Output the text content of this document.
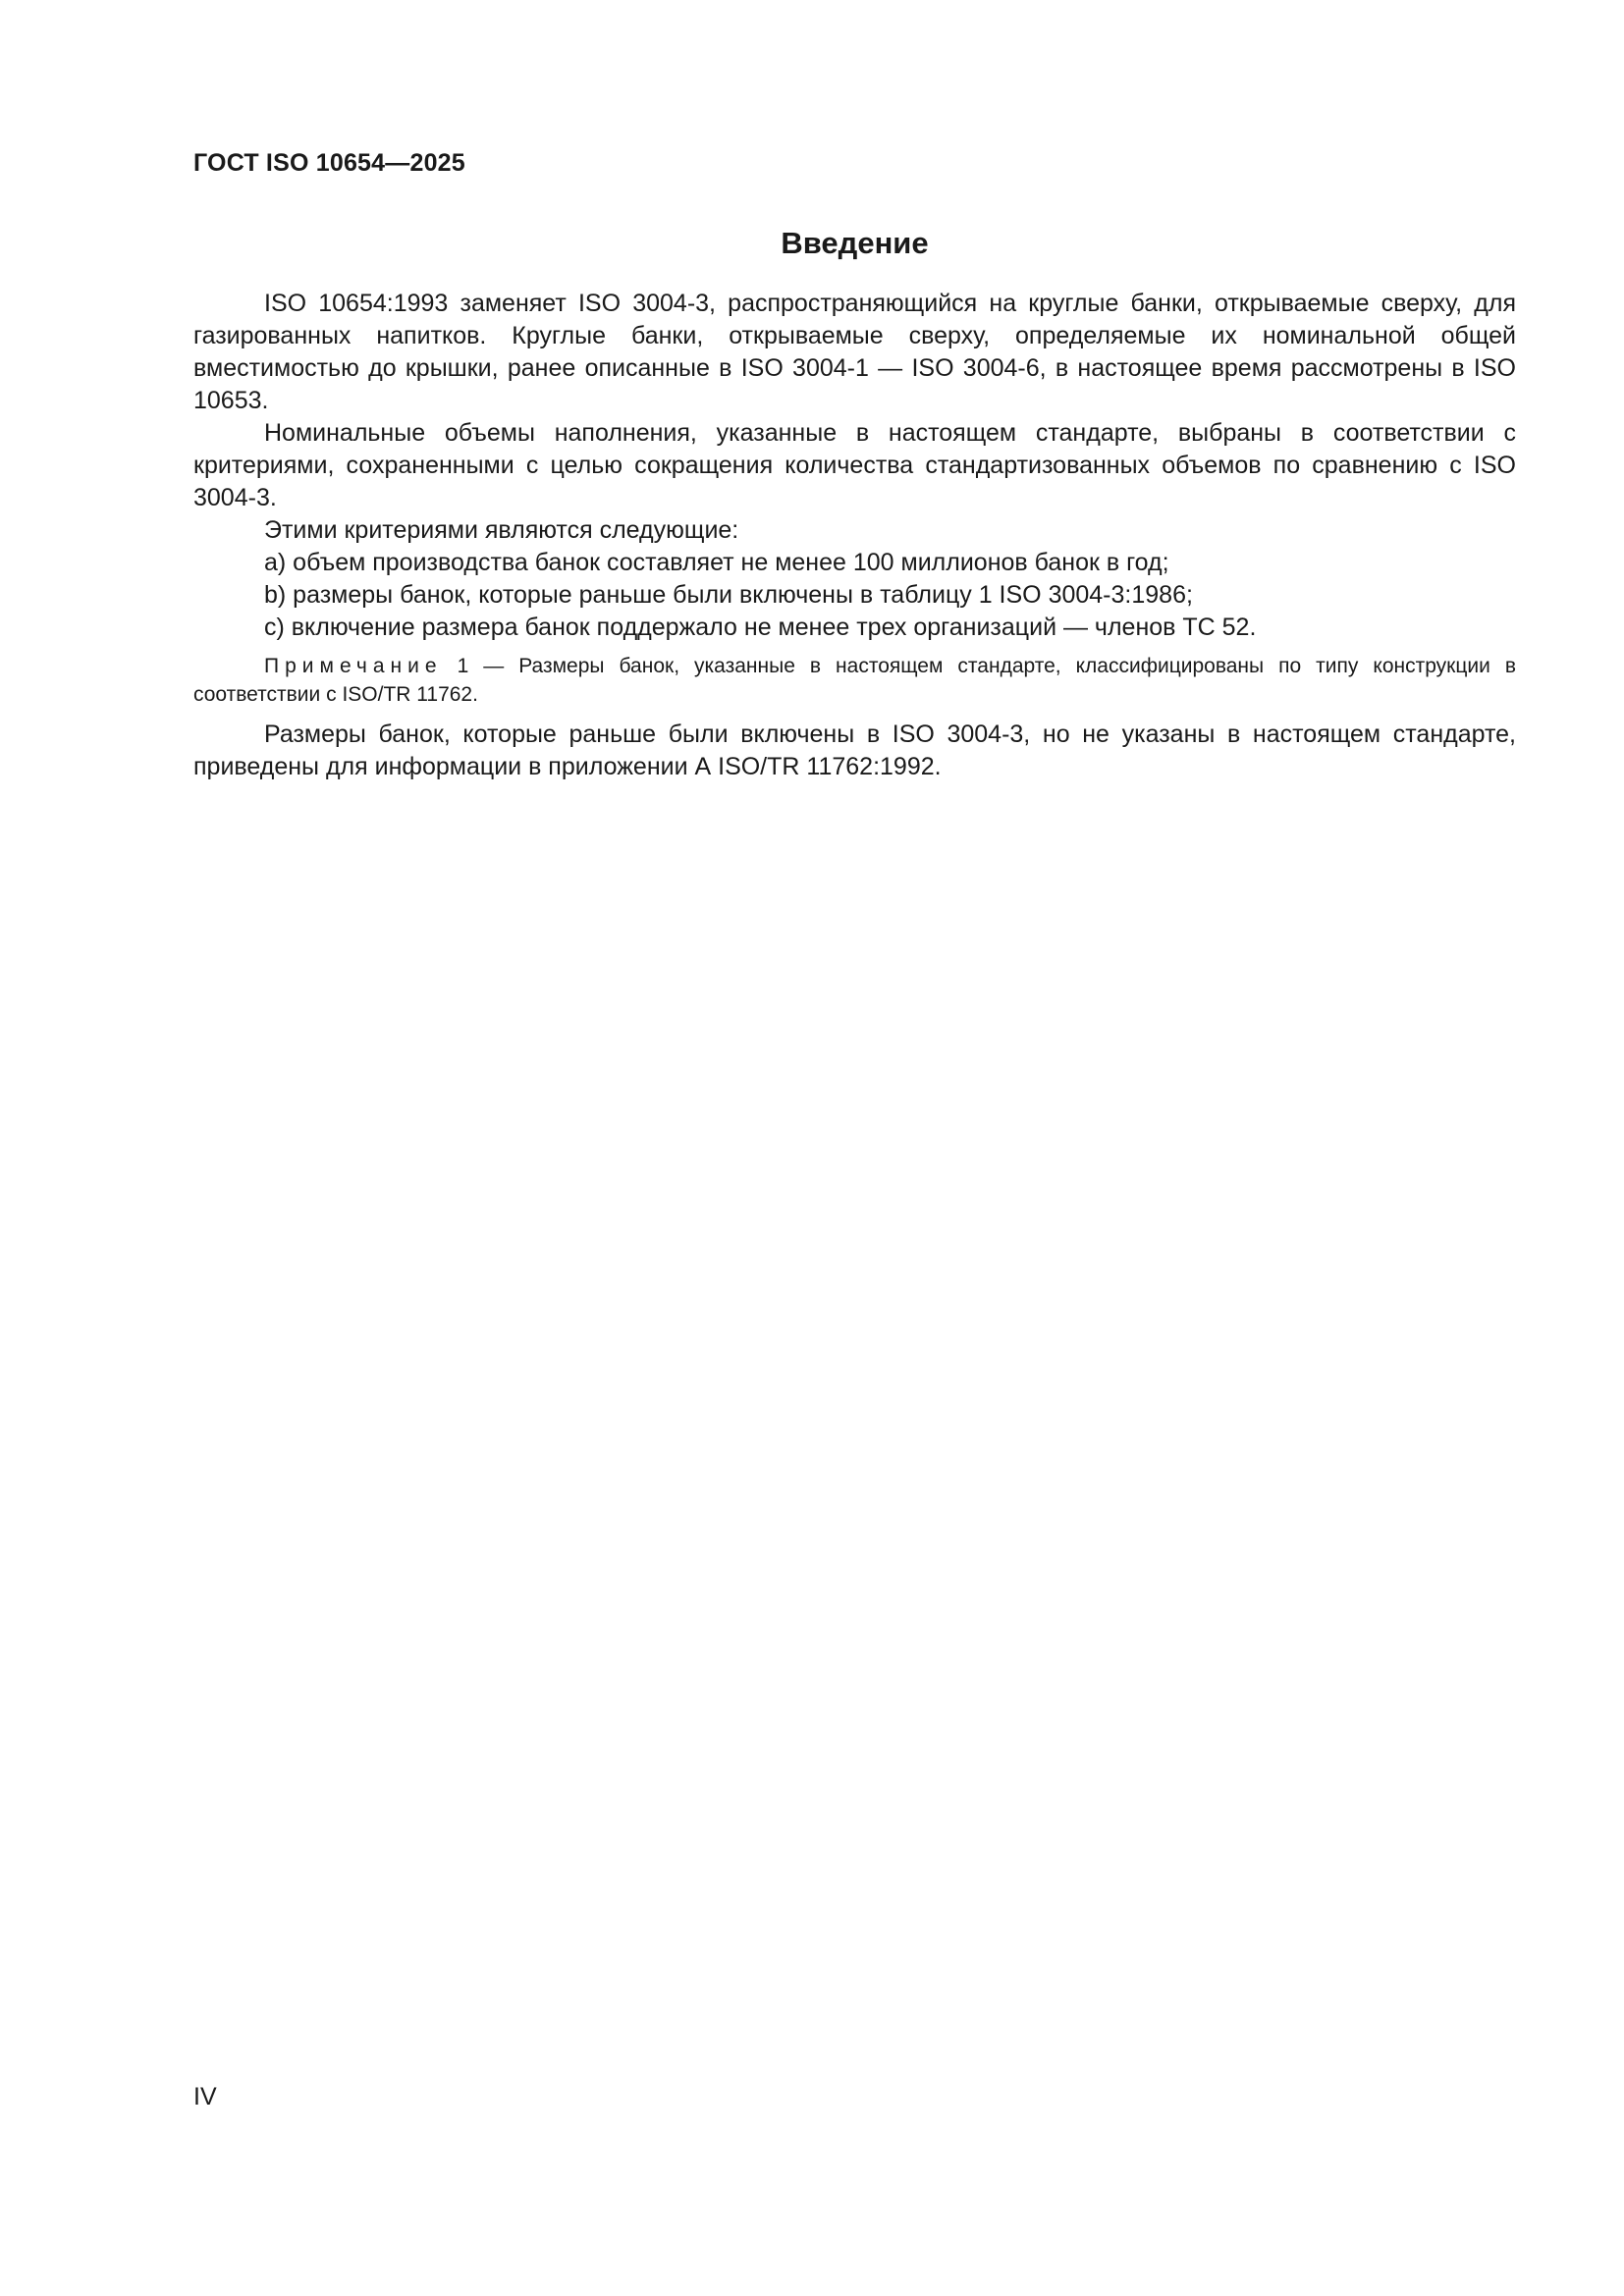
ГОСТ ISO 10654—2025
Введение

ISO 10654:1993 заменяет ISO 3004-3, распространяющийся на круглые банки, открываемые сверху, для газированных напитков. Круглые банки, открываемые сверху, определяемые их номинальной общей вместимостью до крышки, ранее описанные в ISO 3004-1 — ISO 3004-6, в настоящее время рассмотрены в ISO 10653.

Номинальные объемы наполнения, указанные в настоящем стандарте, выбраны в соответствии с критериями, сохраненными с целью сокращения количества стандартизованных объемов по сравнению с ISO 3004-3.

Этими критериями являются следующие:

a) объем производства банок составляет не менее 100 миллионов банок в год;

b) размеры банок, которые раньше были включены в таблицу 1 ISO 3004-3:1986;

c) включение размера банок поддержало не менее трех организаций — членов ТС 52.

Примечание 1 — Размеры банок, указанные в настоящем стандарте, классифицированы по типу конструкции в соответствии с ISO/TR 11762.

Размеры банок, которые раньше были включены в ISO 3004-3, но не указаны в настоящем стандарте, приведены для информации в приложении А ISO/TR 11762:1992.

IV
